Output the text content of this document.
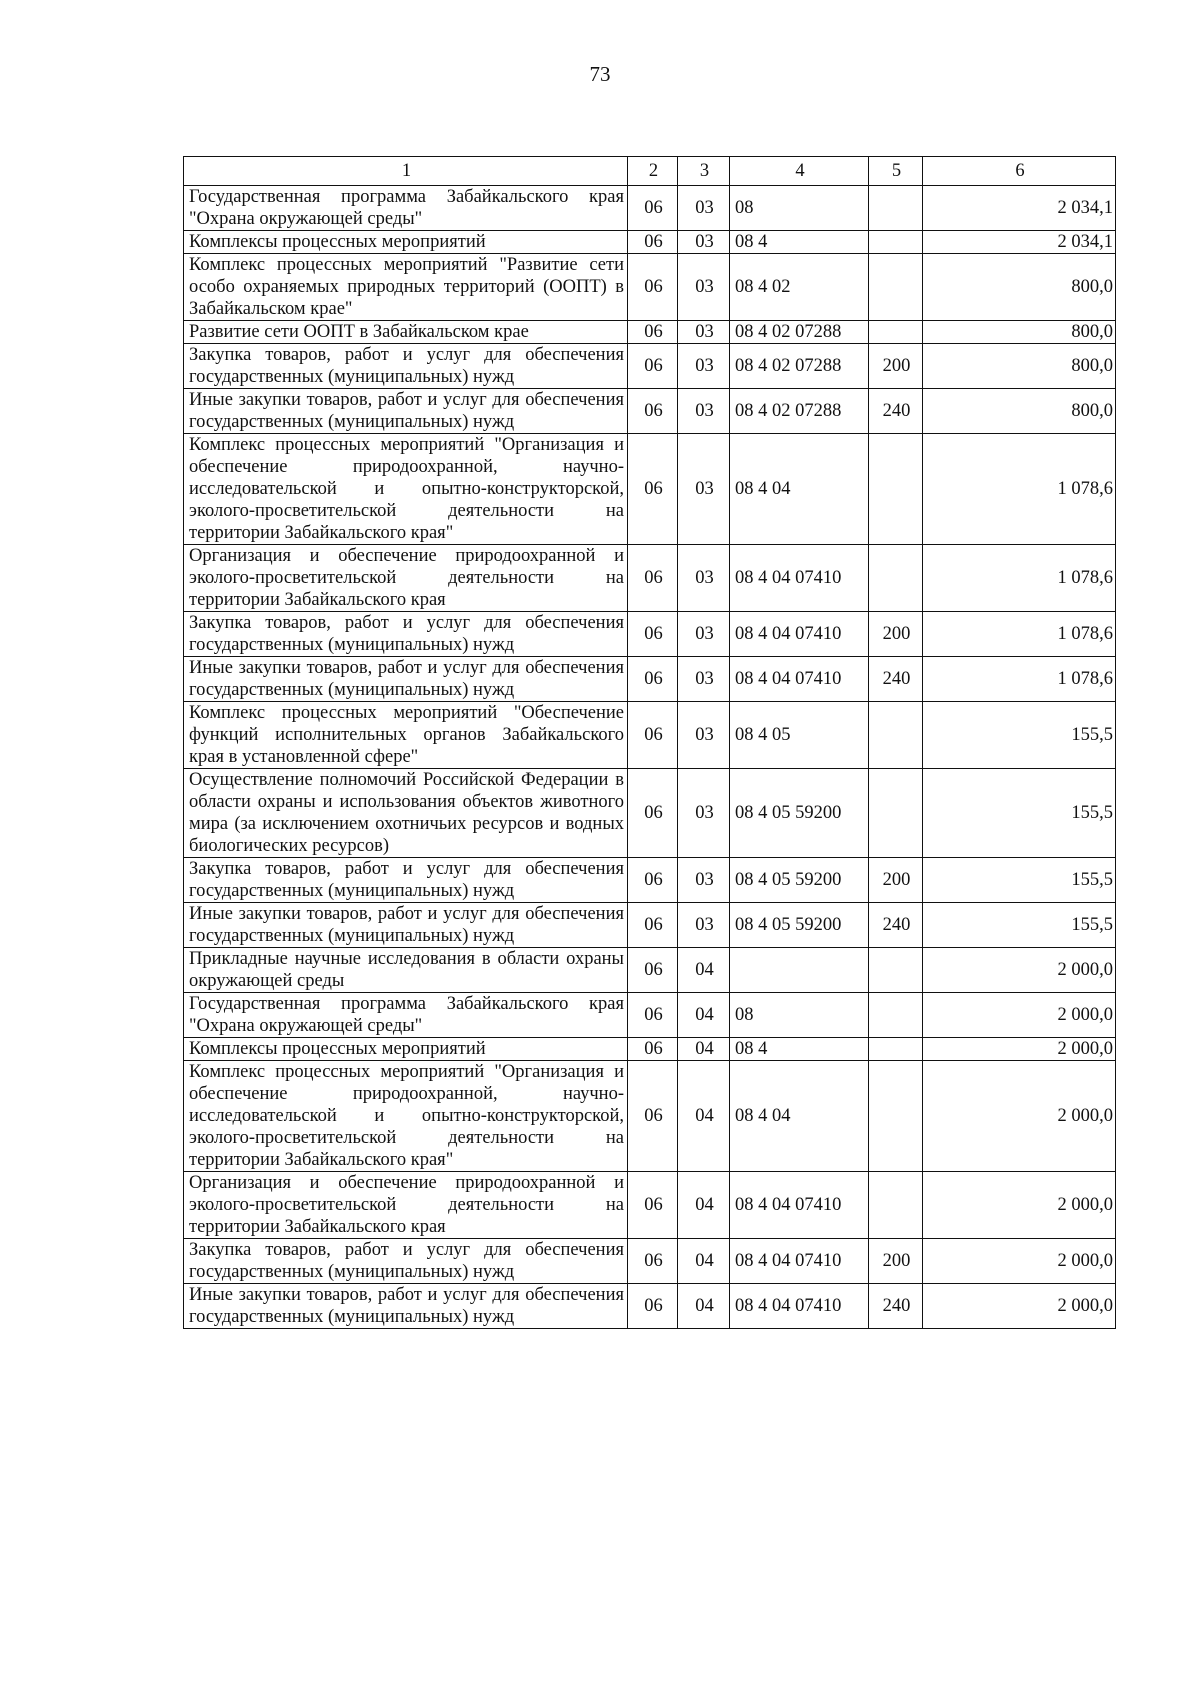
73
1	2	3	4	5	6
Государственная программа Забайкальского края "Охрана окружающей среды"	06	03	08		2 034,1
Комплексы процессных мероприятий	06	03	08 4		2 034,1
Комплекс процессных мероприятий "Развитие сети особо охраняемых природных территорий (ООПТ) в Забайкальском крае"	06	03	08 4 02		800,0
Развитие сети ООПТ в Забайкальском крае	06	03	08 4 02 07288		800,0
Закупка товаров, работ и услуг для обеспечения государственных (муниципальных) нужд	06	03	08 4 02 07288	200	800,0
Иные закупки товаров, работ и услуг для обеспечения государственных (муниципальных) нужд	06	03	08 4 02 07288	240	800,0
Комплекс процессных мероприятий "Организация и обеспечение природоохранной, научно-исследовательской и опытно-конструкторской, эколого-просветительской деятельности на территории Забайкальского края"	06	03	08 4 04		1 078,6
Организация и обеспечение природоохранной и эколого-просветительской деятельности на территории Забайкальского края	06	03	08 4 04 07410		1 078,6
Закупка товаров, работ и услуг для обеспечения государственных (муниципальных) нужд	06	03	08 4 04 07410	200	1 078,6
Иные закупки товаров, работ и услуг для обеспечения государственных (муниципальных) нужд	06	03	08 4 04 07410	240	1 078,6
Комплекс процессных мероприятий "Обеспечение функций исполнительных органов Забайкальского края в установленной сфере"	06	03	08 4 05		155,5
Осуществление полномочий Российской Федерации в области охраны и использования объектов животного мира (за исключением охотничьих ресурсов и водных биологических ресурсов)	06	03	08 4 05 59200		155,5
Закупка товаров, работ и услуг для обеспечения государственных (муниципальных) нужд	06	03	08 4 05 59200	200	155,5
Иные закупки товаров, работ и услуг для обеспечения государственных (муниципальных) нужд	06	03	08 4 05 59200	240	155,5
Прикладные научные исследования в области охраны окружающей среды	06	04			2 000,0
Государственная программа Забайкальского края "Охрана окружающей среды"	06	04	08		2 000,0
Комплексы процессных мероприятий	06	04	08 4		2 000,0
Комплекс процессных мероприятий "Организация и обеспечение природоохранной, научно-исследовательской и опытно-конструкторской, эколого-просветительской деятельности на территории Забайкальского края"	06	04	08 4 04		2 000,0
Организация и обеспечение природоохранной и эколого-просветительской деятельности на территории Забайкальского края	06	04	08 4 04 07410		2 000,0
Закупка товаров, работ и услуг для обеспечения государственных (муниципальных) нужд	06	04	08 4 04 07410	200	2 000,0
Иные закупки товаров, работ и услуг для обеспечения государственных (муниципальных) нужд	06	04	08 4 04 07410	240	2 000,0
